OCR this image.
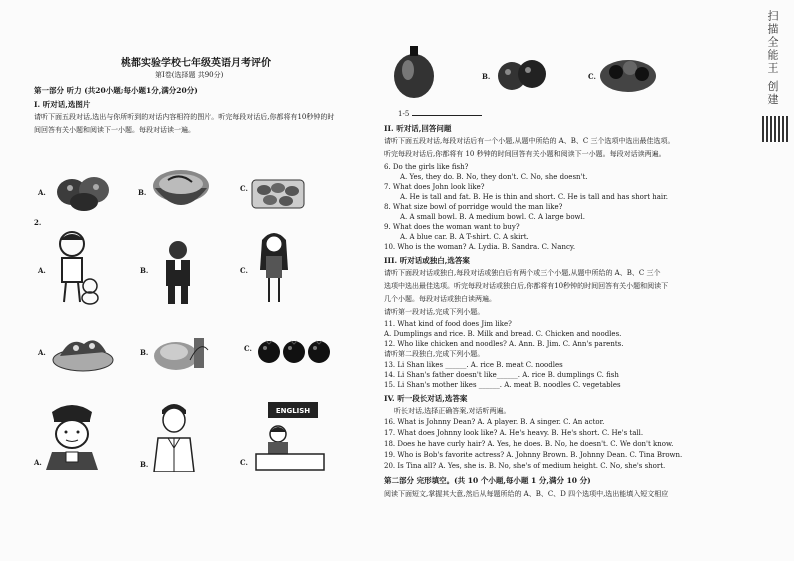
桃都实验学校七年级英语月考评价
第Ⅰ卷(选择题 共90分)
第一部分 听力 (共20小题;每小题1分,满分20分)
I. 听对话,选图片
请听下面五段对话,选出与你所听到的对话内容相符的图片。听完每段对话后,你都将有10秒钟的时
间回答有关小题和阅读下一小题。每段对话读一遍。
A.	B.	C.
2.
A.	B.	C.
A.	B.	C.
A.	B.	C.
ENGLISH
B.	C.
1-5
II. 听对话,回答问题
请听下面五段对话,每段对话后有一个小题,从题中所给的 A、B、C 三个选项中选出最佳选项。
听完每段对话后,你都将有 10 秒钟的时间回答有关小题和阅读下一小题。每段对话读两遍。
6. Do the girls like fish?
A. Yes, they do. B. No, they don't. C. No, she doesn't.
7. What does John look like?
A. He is tall and fat. B. He is thin and short. C. He is tall and has short hair.
8. What size bowl of porridge would the man like?
A. A small bowl. B. A medium bowl. C. A large bowl.
9. What does the woman want to buy?
A. A blue car. B. A T-shirt. C. A skirt.
10. Who is the woman? A. Lydia. B. Sandra. C. Nancy.
III. 听对话或独白,选答案
请听下面段对话或独白,每段对话或独白后有两个或三个小题,从题中所给的 A、B、C 三个
选项中选出最佳选项。听完每段对话或独白后,你都将有10秒钟的时间回答有关小题和阅读下
几个小题。每段对话或独白读两遍。
请听第一段对话,完成下列小题。
11. What kind of food does Jim like?
A. Dumplings and rice. B. Milk and bread. C. Chicken and noodles.
12. Who like chicken and noodles? A. Ann. B. Jim. C. Ann's parents.
请听第二段独白,完成下列小题。
13. Li Shan likes ______. A. rice B. meat C. noodles
14. Li Shan's father doesn't like______. A. rice B. dumplings C. fish
15. Li Shan's mother likes ______. A. meat B. noodles C. vegetables
IV. 听一段长对话,选答案
听长对话,选择正确答案,对话听两遍。
16. What is Johnny Dean? A. A player. B. A singer. C. An actor.
17. What does Johnny look like? A. He's heavy. B. He's short. C. He's tall.
18. Does he have curly hair? A. Yes, he does. B. No, he doesn't. C. We don't know.
19. Who is Bob's favorite actress? A. Johnny Brown. B. Johnny Dean. C. Tina Brown.
20. Is Tina all? A. Yes, she is. B. No, she's of medium height. C. No, she's short.
第二部分 完形填空。(共 10 个小题,每小题 1 分,满分 10 分)
阅读下面短文,掌握其大意,然后从每题所给的 A、B、C、D 四个选项中,选出能填入短文相应
扫描全能王 创建
